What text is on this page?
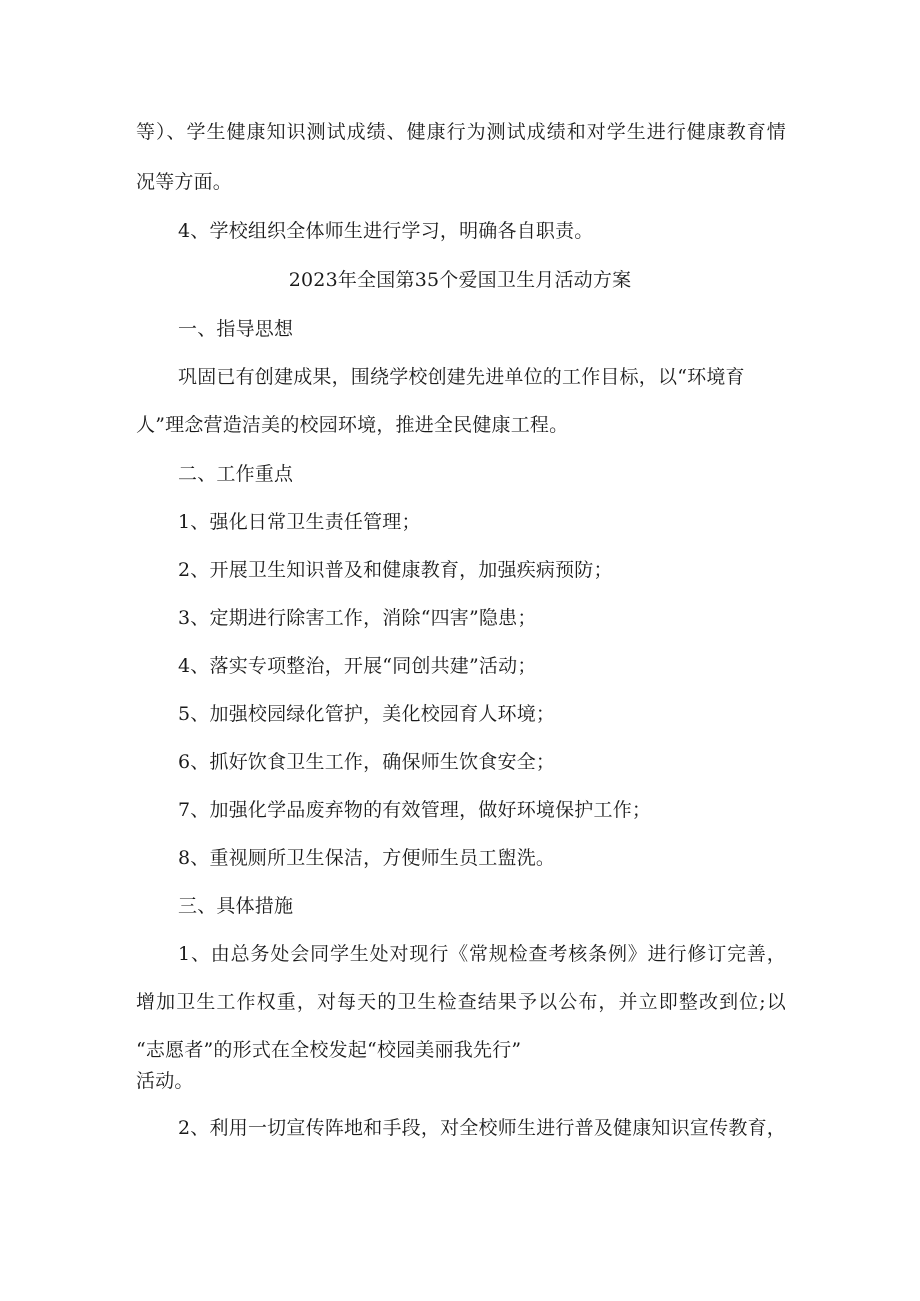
等）、学生健康知识测试成绩、健康行为测试成绩和对学生进行健康教育情

况等方面。

4、学校组织全体师生进行学习，明确各自职责。

2023年全国第35个爱国卫生月活动方案

一、指导思想

巩固已有创建成果，围绕学校创建先进单位的工作目标，以“环境育

人”理念营造洁美的校园环境，推进全民健康工程。

二、工作重点

1、强化日常卫生责任管理；

2、开展卫生知识普及和健康教育，加强疾病预防；

3、定期进行除害工作，消除“四害”隐患；

4、落实专项整治，开展“同创共建”活动；

5、加强校园绿化管护，美化校园育人环境；

6、抓好饮食卫生工作，确保师生饮食安全；

7、加强化学品废弃物的有效管理，做好环境保护工作；

8、重视厕所卫生保洁，方便师生员工盥洗。

三、具体措施

1、由总务处会同学生处对现行《常规检查考核条例》进行修订完善，

增加卫生工作权重，对每天的卫生检查结果予以公布，并立即整改到位;以

“志愿者”的形式在全校发起“校园美丽我先行”

活动。

2、利用一切宣传阵地和手段，对全校师生进行普及健康知识宣传教育，
